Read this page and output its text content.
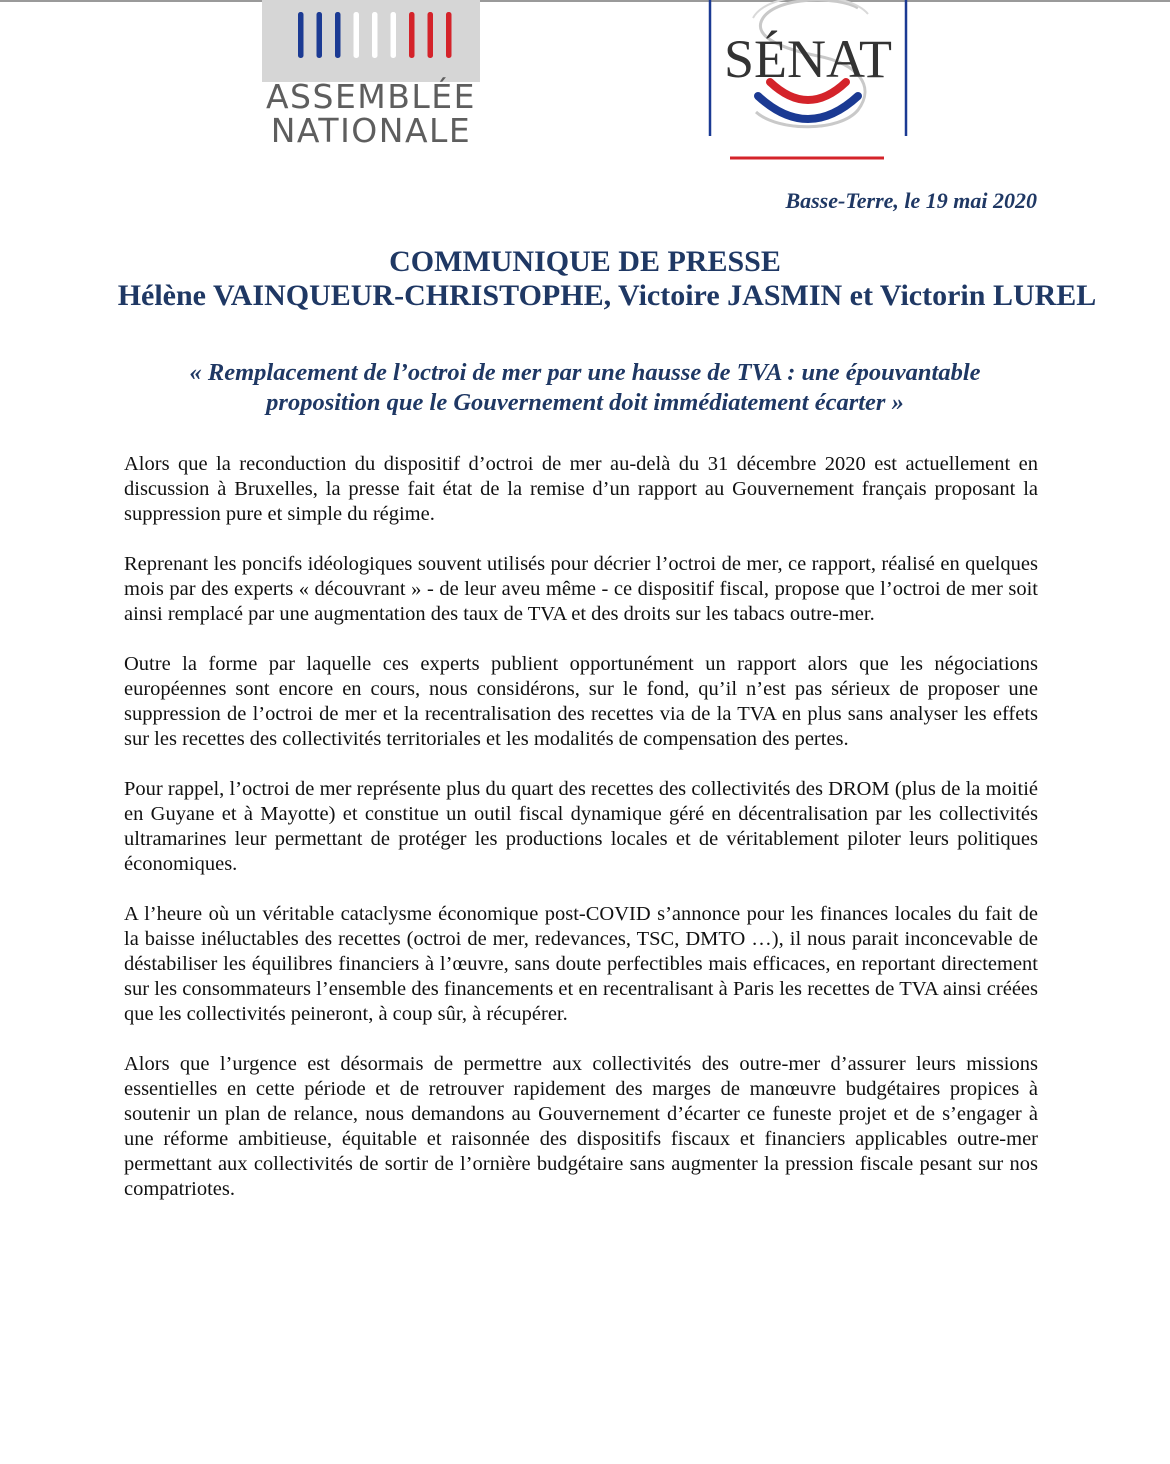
ASSEMBLÉE
NATIONALE
SÉNAT
Basse-Terre, le 19 mai 2020
COMMUNIQUE DE PRESSE
Hélène VAINQUEUR-CHRISTOPHE, Victoire JASMIN et Victorin LUREL
« Remplacement de l’octroi de mer par une hausse de TVA : une épouvantable
proposition que le Gouvernement doit immédiatement écarter »

Alors que la reconduction du dispositif d’octroi de mer au-delà du 31 décembre 2020 est actuellement en discussion à Bruxelles, la presse fait état de la remise d’un rapport au Gouvernement français proposant la suppression pure et simple du régime.

Reprenant les poncifs idéologiques souvent utilisés pour décrier l’octroi de mer, ce rapport, réalisé en quelques mois par des experts « découvrant » - de leur aveu même - ce dispositif fiscal, propose que l’octroi de mer soit ainsi remplacé par une augmentation des taux de TVA et des droits sur les tabacs outre-mer.

Outre la forme par laquelle ces experts publient opportunément un rapport alors que les négociations européennes sont encore en cours, nous considérons, sur le fond, qu’il n’est pas sérieux de proposer une suppression de l’octroi de mer et la recentralisation des recettes via de la TVA en plus sans analyser les effets sur les recettes des collectivités territoriales et les modalités de compensation des pertes.

Pour rappel, l’octroi de mer représente plus du quart des recettes des collectivités des DROM (plus de la moitié en Guyane et à Mayotte) et constitue un outil fiscal dynamique géré en décentralisation par les collectivités ultramarines leur permettant de protéger les productions locales et de véritablement piloter leurs politiques économiques.

A l’heure où un véritable cataclysme économique post-COVID s’annonce pour les finances locales du fait de la baisse inéluctables des recettes (octroi de mer, redevances, TSC, DMTO …), il nous parait inconcevable de déstabiliser les équilibres financiers à l’œuvre, sans doute perfectibles mais efficaces, en reportant directement sur les consommateurs l’ensemble des financements et en recentralisant à Paris les recettes de TVA ainsi créées que les collectivités peineront, à coup sûr, à récupérer.

Alors que l’urgence est désormais de permettre aux collectivités des outre-mer d’assurer leurs missions essentielles en cette période et de retrouver rapidement des marges de manœuvre budgétaires propices à soutenir un plan de relance, nous demandons au Gouvernement d’écarter ce funeste projet et de s’engager à une réforme ambitieuse, équitable et raisonnée des dispositifs fiscaux et financiers applicables outre-mer permettant aux collectivités de sortir de l’ornière budgétaire sans augmenter la pression fiscale pesant sur nos compatriotes.
